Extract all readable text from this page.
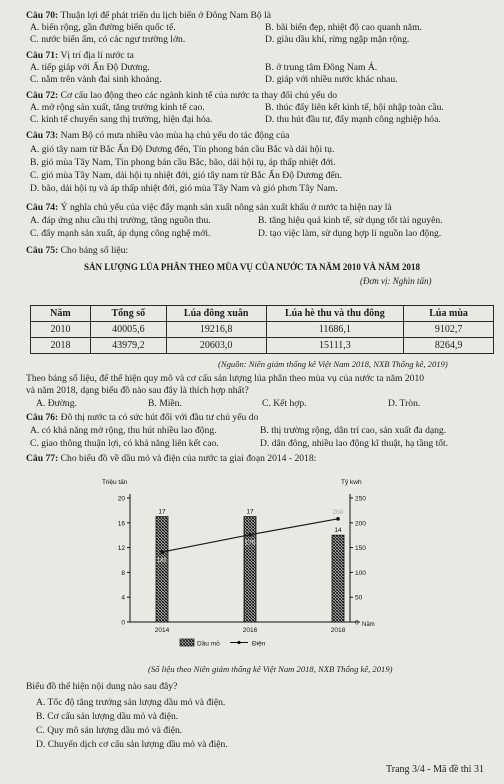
Câu 70: Thuận lợi để phát triển du lịch biển ở Đông Nam Bộ là
A. biển rộng, gần đường biển quốc tế.	B. bãi biển đẹp, nhiệt độ cao quanh năm.
C. nước biển ấm, có các ngư trường lớn.	D. giàu dầu khí, rừng ngập mặn rộng.
Câu 71: Vị trí địa lí nước ta
A. tiếp giáp với Ấn Độ Dương.	B. ở trung tâm Đông Nam Á.
C. nằm trên vành đai sinh khoáng.	D. giáp với nhiều nước khác nhau.
Câu 72: Cơ cấu lao động theo các ngành kinh tế của nước ta thay đổi chủ yếu do
A. mở rộng sản xuất, tăng trưởng kinh tế cao.	B. thúc đẩy liên kết kinh tế, hội nhập toàn cầu.
C. kinh tế chuyển sang thị trường, hiện đại hóa.	D. thu hút đầu tư, đẩy mạnh công nghiệp hóa.
Câu 73: Nam Bộ có mưa nhiều vào mùa hạ chủ yếu do tác động của
A. gió tây nam từ Bắc Ấn Độ Dương đến, Tín phong bán cầu Bắc và dải hội tụ.
B. gió mùa Tây Nam, Tín phong bán cầu Bắc, bão, dải hội tụ, áp thấp nhiệt đới.
C. gió mùa Tây Nam, dải hội tụ nhiệt đới, gió tây nam từ Bắc Ấn Độ Dương đến.
D. bão, dải hội tụ và áp thấp nhiệt đới, gió mùa Tây Nam và gió phơn Tây Nam.
Câu 74: Ý nghĩa chủ yếu của việc đẩy mạnh sản xuất nông sản xuất khẩu ở nước ta hiện nay là
A. đáp ứng nhu cầu thị trường, tăng nguồn thu.	B. tăng hiệu quả kinh tế, sử dụng tốt tài nguyên.
C. đẩy mạnh sản xuất, áp dụng công nghệ mới.	D. tạo việc làm, sử dụng hợp lí nguồn lao động.
Câu 75: Cho bảng số liệu:
SẢN LƯỢNG LÚA PHÂN THEO MÙA VỤ CỦA NƯỚC TA NĂM 2010 VÀ NĂM 2018
(Đơn vị: Nghìn tấn)
Năm	Tổng số	Lúa đông xuân	Lúa hè thu và thu đông	Lúa mùa
2010	40005,6	19216,8	11686,1	9102,7
2018	43979,2	20603,0	15111,3	8264,9
(Nguồn: Niên giám thống kê Việt Nam 2018, NXB Thống kê, 2019)
Theo bảng số liệu, để thể hiện quy mô và cơ cấu sản lượng lúa phân theo mùa vụ của nước ta năm 2010
và năm 2018, dạng biểu đồ nào sau đây là thích hợp nhất?
A. Đường.	B. Miền.	C. Kết hợp.	D. Tròn.
Câu 76: Đô thị nước ta có sức hút đối với đầu tư chủ yếu do
A. có khả năng mở rộng, thu hút nhiều lao động.	B. thị trường rộng, dân trí cao, sản xuất đa dạng.
C. giao thông thuận lợi, có khả năng liên kết cao.	D. dân đông, nhiều lao động kĩ thuật, hạ tầng tốt.
Câu 77: Cho biểu đồ về dầu mỏ và điện của nước ta giai đoạn 2014 - 2018:
Triệu tấn	Tỷ kwh
0
4
8
12
16
20
0
50
100
150
200
250
17	17
14
141
176
208
2014	2016	2018
Năm
Dầu mỏ	Điện
(Số liệu theo Niên giám thống kê Việt Nam 2018, NXB Thống kê, 2019)
Biểu đồ thể hiện nội dung nào sau đây?
A. Tốc độ tăng trưởng sản lượng dầu mỏ và điện.
B. Cơ cấu sản lượng dầu mỏ và điện.
C. Quy mô sản lượng dầu mỏ và điện.
D. Chuyển dịch cơ cấu sản lượng dầu mỏ và điện.
Trang 3/4 - Mã đề thi 31
